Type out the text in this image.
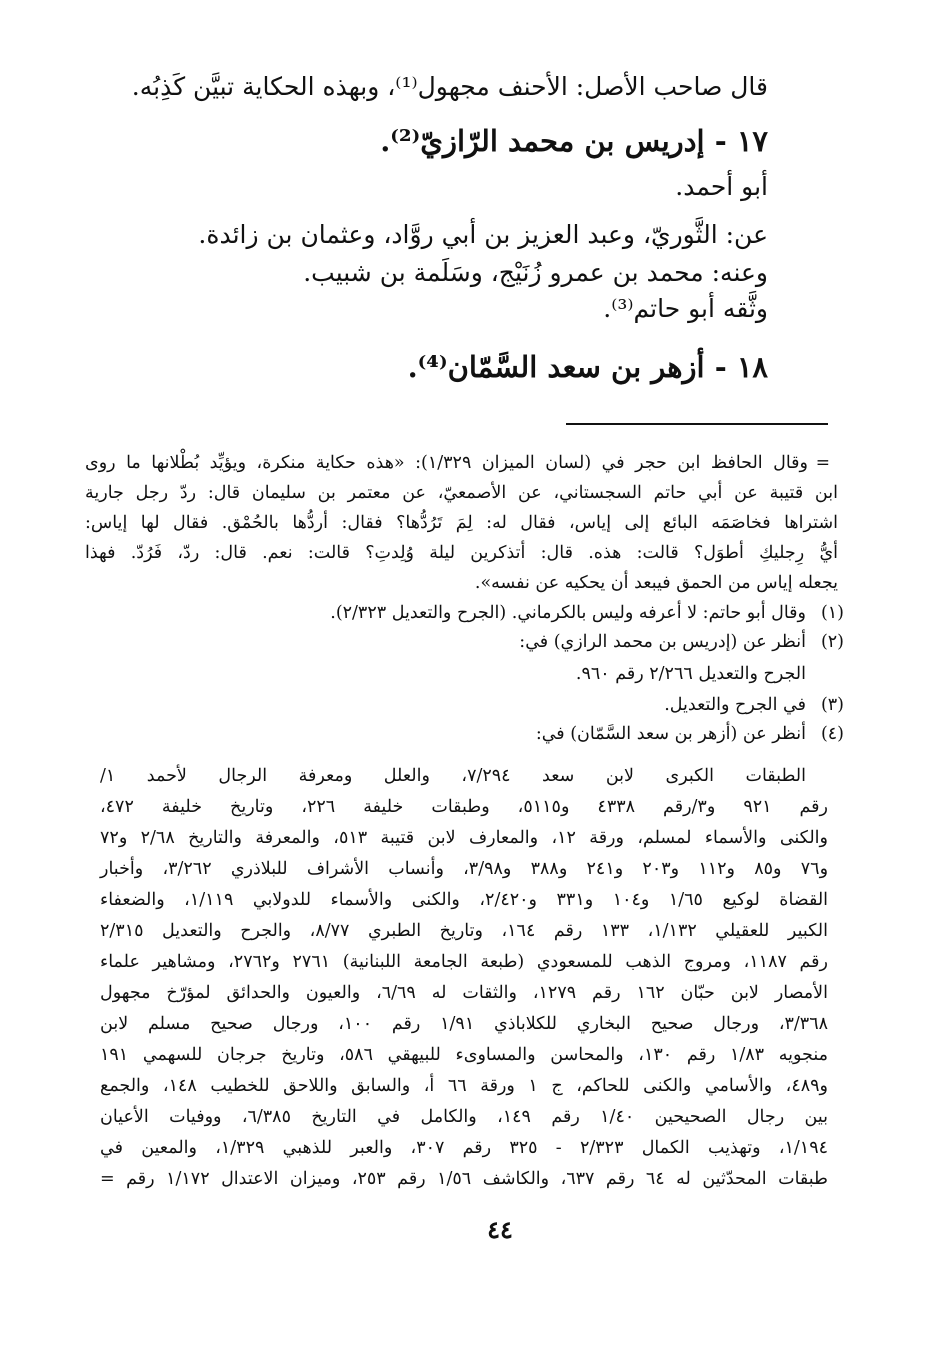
قال صاحب الأصل: الأحنف مجهول⁽¹⁾، وبهذه الحكاية تبيَّن كَذِبُه.
١٧ - إدريس بن محمد الرّازيّ⁽²⁾.
أبو أحمد.
عن: الثَّوريّ، وعبد العزيز بن أبي روَّاد، وعثمان بن زائدة.
وعنه: محمد بن عمرو زُنَيْج، وسَلَمة بن شبيب.
وثَّقه أبو حاتم⁽³⁾.
١٨ - أزهر بن سعد السَّمّان⁽⁴⁾.
=
وقال الحافظ ابن حجر في (لسان الميزان ١/٣٢٩): «هذه حكاية منكرة، ويؤيِّد بُطْلانها ما روى
ابن قتيبة عن أبي حاتم السجستاني، عن الأصمعيّ، عن معتمر بن سليمان قال: ردّ رجل جارية
اشتراها فخاصَمَه البائع إلى إياس، فقال له: لِمَ تَرُدُّها؟ فقال: أردُّها بالحُمْق. فقال لها إياس:
أيُّ رِجليكِ أطوَل؟ قالت: هذه. قال: أتذكرين ليلة وُلِدتِ؟ قالت: نعم. قال: ردّ، فَرُدّ. فهذا
يجعله إياس من الحمق فيبعد أن يحكيه عن نفسه».
(١)
وقال أبو حاتم: لا أعرفه وليس بالكرماني. (الجرح والتعديل ٢/٣٢٣).
(٢)
أنظر عن (إدريس بن محمد الرازي) في:
الجرح والتعديل ٢/٢٦٦ رقم ٩٦٠.
(٣)
في الجرح والتعديل.
(٤)
أنظر عن (أزهر بن سعد السَّمّان) في:
الطبقات الكبرى لابن سعد ٧/٢٩٤، والعلل ومعرفة الرجال لأحمد ١/
رقم ٩٢١ و٣/رقم ٤٣٣٨ و٥١١٥، وطبقات خليفة ٢٢٦، وتاريخ خليفة ٤٧٢،
والكنى والأسماء لمسلم، ورقة ١٢، والمعارف لابن قتيبة ٥١٣، والمعرفة والتاريخ ٢/٦٨ و٧٢
و٧٦ و٨٥ و١١٢ و٢٠٣ و٢٤١ و٣٨٨ و٣/٩٨، وأنساب الأشراف للبلاذري ٣/٢٦٢، وأخبار
القضاة لوكيع ١/٦٥ و١٠٤ و٣٣١ و٢/٤٢٠، والكنى والأسماء للدولابي ١/١١٩، والضعفاء
الكبير للعقيلي ١/١٣٢، ١٣٣ رقم ١٦٤، وتاريخ الطبري ٨/٧٧، والجرح والتعديل ٢/٣١٥
رقم ١١٨٧، ومروج الذهب للمسعودي (طبعة الجامعة اللبنانية) ٢٧٦١ و٢٧٦٢، ومشاهير علماء
الأمصار لابن حبّان ١٦٢ رقم ١٢٧٩، والثقات له ٦/٦٩، والعيون والحدائق لمؤرّخ مجهول
٣/٣٦٨، ورجال صحيح البخاري للكلاباذي ١/٩١ رقم ١٠٠، ورجال صحيح مسلم لابن
منجويه ١/٨٣ رقم ١٣٠، والمحاسن والمساوىء للبيهقي ٥٨٦، وتاريخ جرجان للسهمي ١٩١
و٤٨٩، والأسامي والكنى للحاكم، ج ١ ورقة ٦٦ أ، والسابق واللاحق للخطيب ١٤٨، والجمع
بين رجال الصحيحين ١/٤٠ رقم ١٤٩، والكامل في التاريخ ٦/٣٨٥، ووفيات الأعيان
١/١٩٤، وتهذيب الكمال ٢/٣٢٣ - ٣٢٥ رقم ٣٠٧، والعبر للذهبي ١/٣٢٩، والمعين في
طبقات المحدّثين له ٦٤ رقم ٦٣٧، والكاشف ١/٥٦ رقم ٢٥٣، وميزان الاعتدال ١/١٧٢ رقم =
٤٤
